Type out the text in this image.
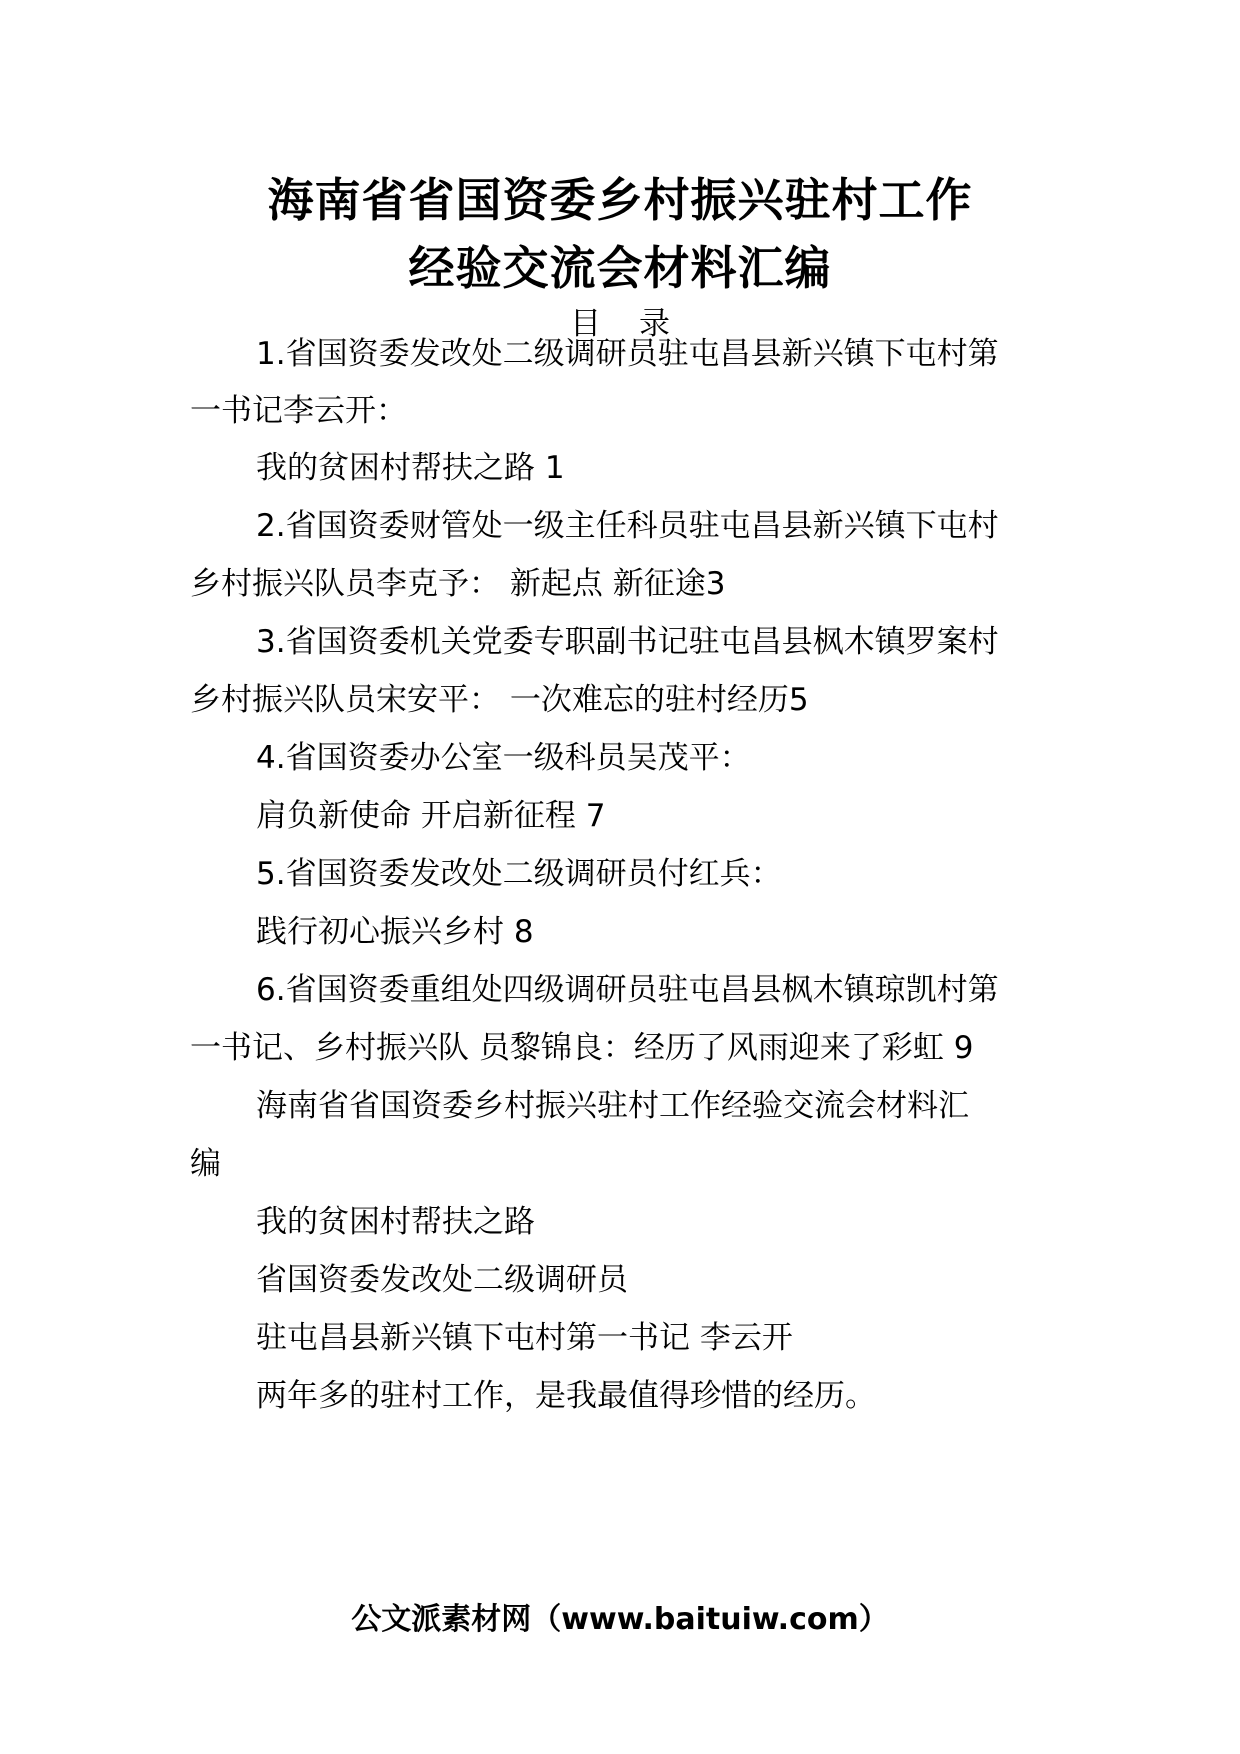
海南省省国资委乡村振兴驻村工作
经验交流会材料汇编
目 录
1.省国资委发改处二级调研员驻屯昌县新兴镇下屯村第
一书记李云开：
我的贫困村帮扶之路 1
2.省国资委财管处一级主任科员驻屯昌县新兴镇下屯村
乡村振兴队员李克予： 新起点 新征途3
3.省国资委机关党委专职副书记驻屯昌县枫木镇罗案村
乡村振兴队员宋安平： 一次难忘的驻村经历5
4.省国资委办公室一级科员吴茂平：
肩负新使命 开启新征程 7
5.省国资委发改处二级调研员付红兵：
践行初心振兴乡村 8
6.省国资委重组处四级调研员驻屯昌县枫木镇琼凯村第
一书记、乡村振兴队 员黎锦良：经历了风雨迎来了彩虹 9
海南省省国资委乡村振兴驻村工作经验交流会材料汇
编
我的贫困村帮扶之路
省国资委发改处二级调研员
驻屯昌县新兴镇下屯村第一书记 李云开
两年多的驻村工作，是我最值得珍惜的经历。
公文派素材网（www.baituiw.com）
